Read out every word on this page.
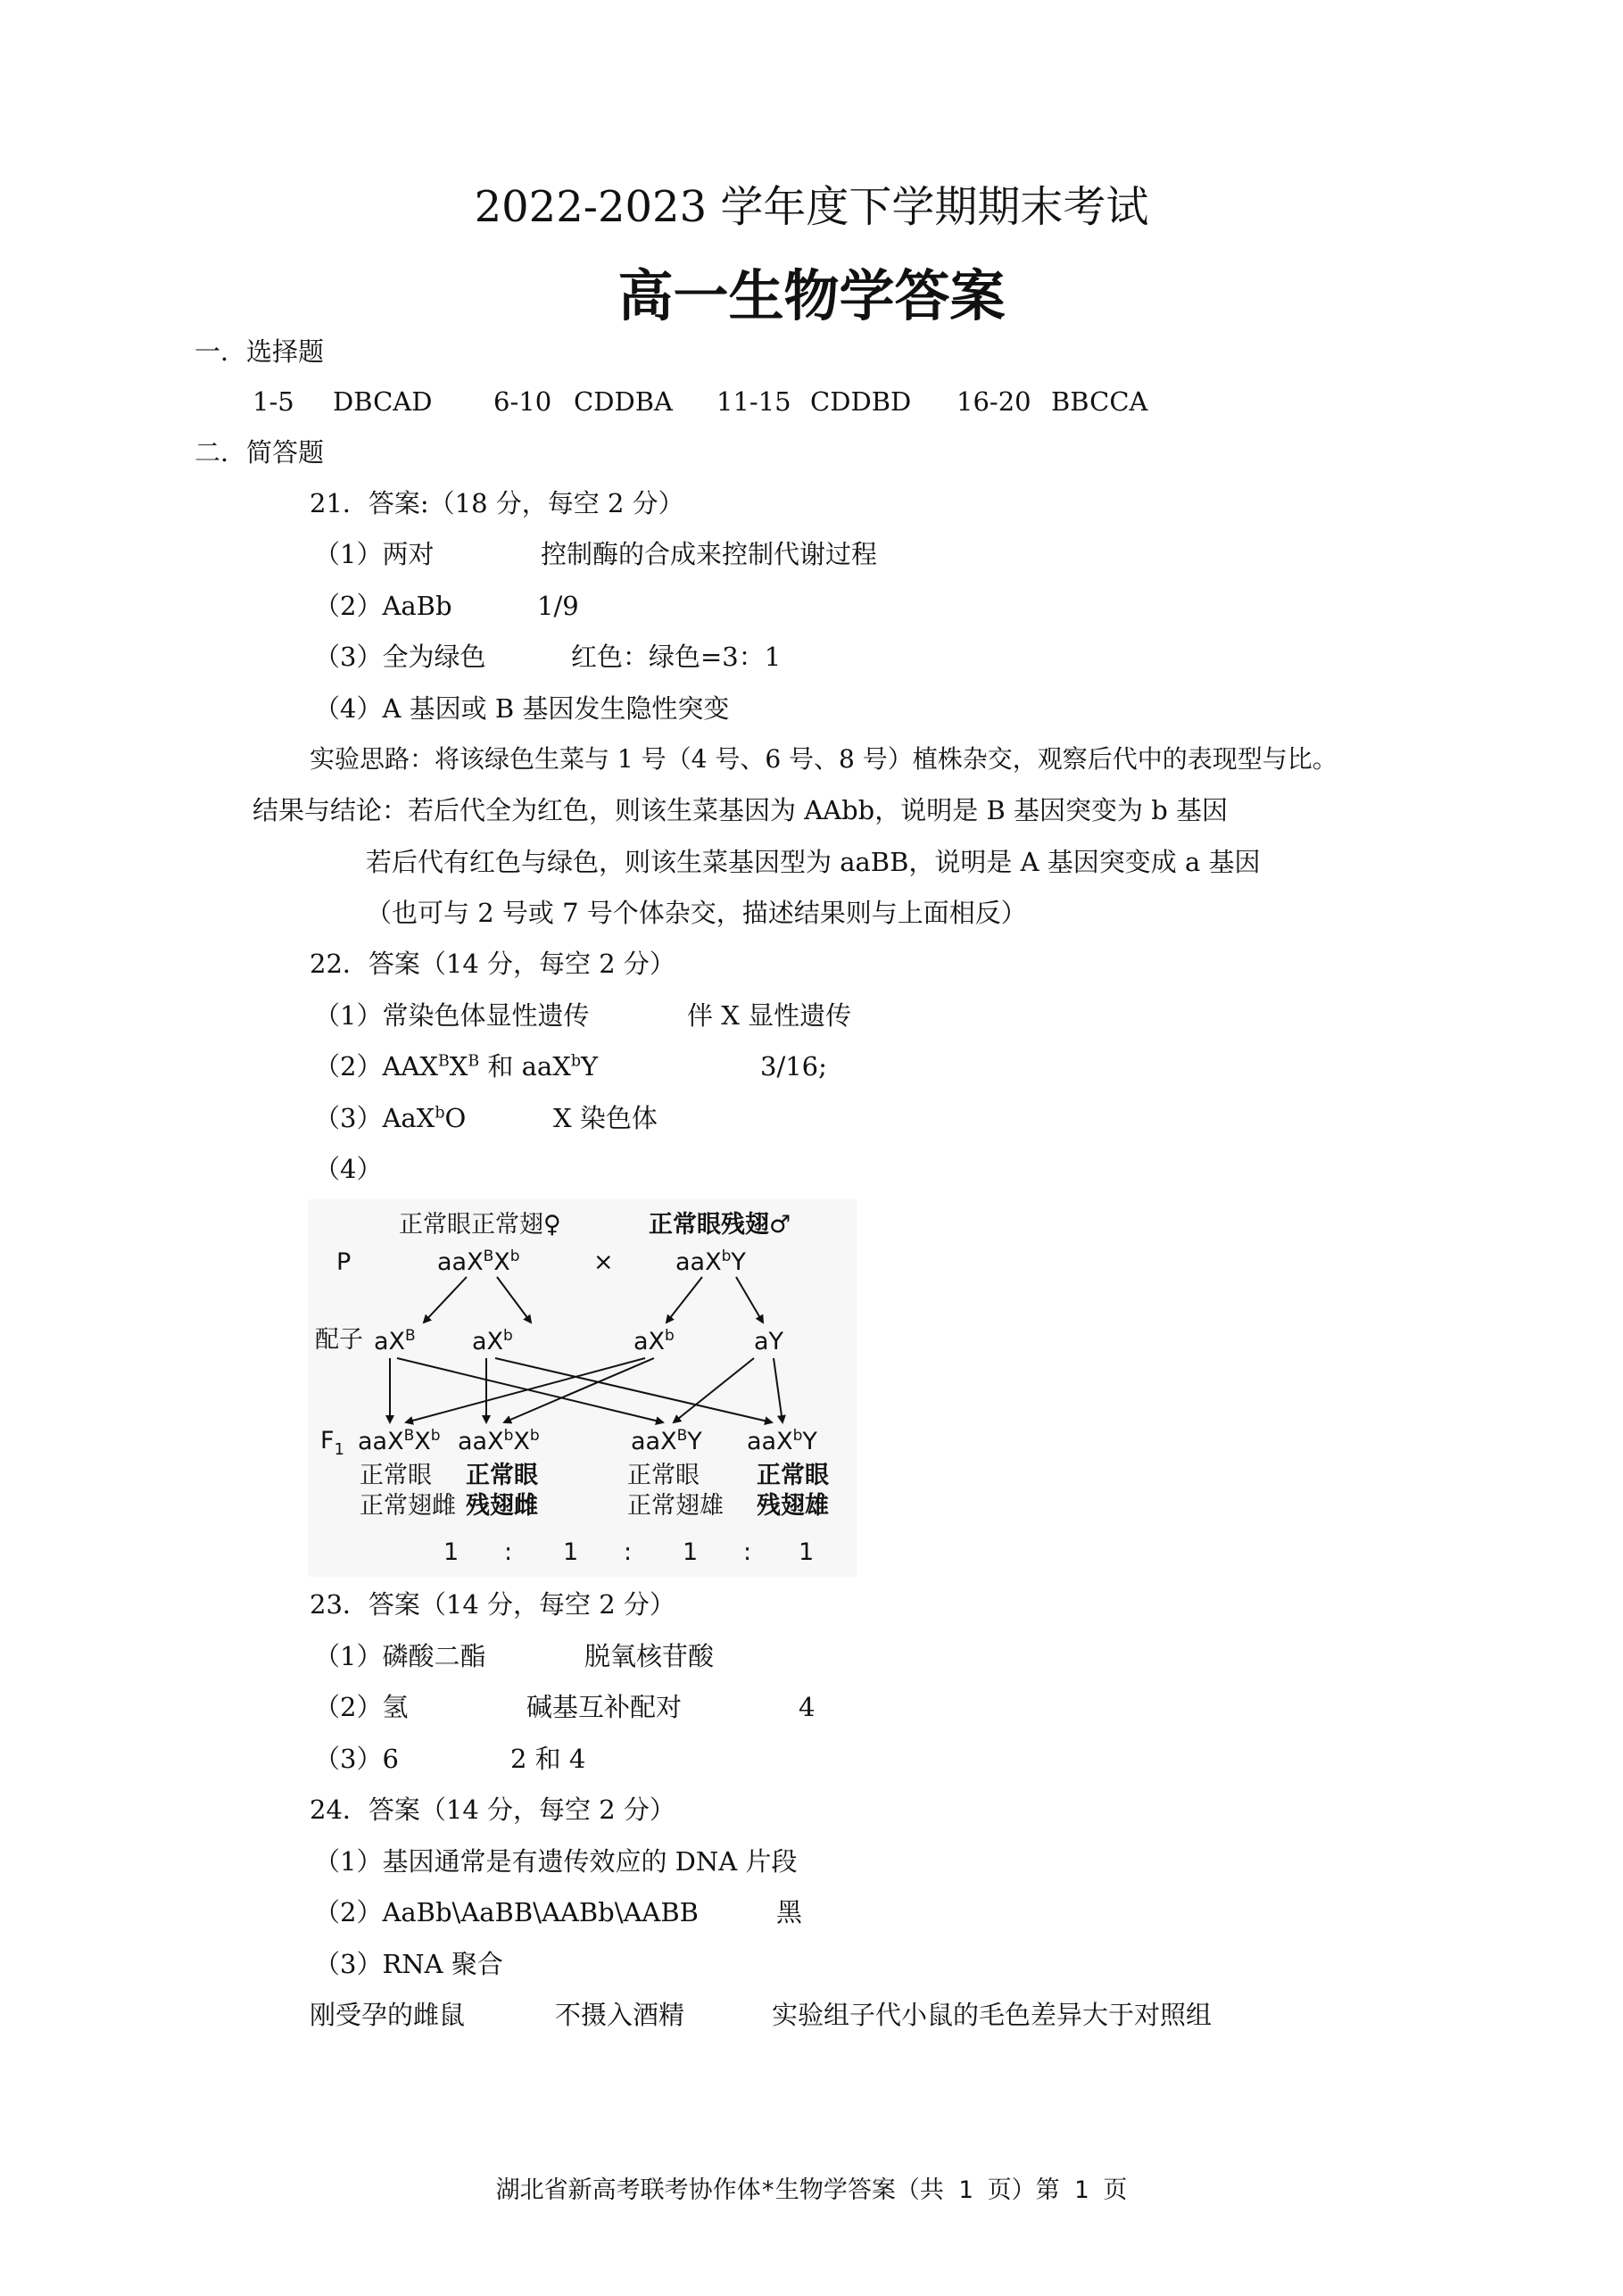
2022-2023 学年度下学期期末考试
高一生物学答案
一．选择题
1-5 DBCAD 6-10 CDDBA 11-15 CDDBD 16-20 BBCCA
二．简答题
21．答案:（18 分，每空 2 分）
（1）两对	控制酶的合成来控制代谢过程
（2）AaBb	1/9
（3）全为绿色	红色：绿色=3：1
（4）A 基因或 B 基因发生隐性突变
实验思路：将该绿色生菜与 1 号（4 号、6 号、8 号）植株杂交，观察后代中的表现型与比。
结果与结论：若后代全为红色，则该生菜基因为 AAbb，说明是 B 基因突变为 b 基因
若后代有红色与绿色，则该生菜基因型为 aaBB，说明是 A 基因突变成 a 基因
（也可与 2 号或 7 号个体杂交，描述结果则与上面相反）
22．答案（14 分，每空 2 分）
（1）常染色体显性遗传	伴 X 显性遗传
$(2)AAX^BX^B$ 和 aaX$^b$Y	3/16;
（3）AaX$^b$O	X 染色体
（4）
P
配子
$F_1$
正常眼正常翅♀	正常眼残翅♂
$aaX^BX^b$	×	aaX$^b$Y
$aX^B$ $aX^b$	$aX^b$	aY
$aaX^BX^b$ $aaX^bX^b$	aaX$^B$Y aaX$^b$Y
正常眼
正常翅雌
正常眼
残翅雌
正常眼
正常翅雄
正常眼
残翅雄
1 : 1 : 1 : 1
23．答案（14 分，每空 2 分）
（1）磷酸二酯	脱氧核苷酸
（2）氢	碱基互补配对	4
（3）6	2 和 4
24．答案（14 分，每空 2 分）
（1）基因通常是有遗传效应的 DNA 片段
（2）AaBb\AaBB\AABb\AABB	黑
（3）RNA 聚合
刚受孕的雌鼠	不摄入酒精	实验组子代小鼠的毛色差异大于对照组
湖北省新高考联考协作体*生物学答案（共 1 页）第 1 页
